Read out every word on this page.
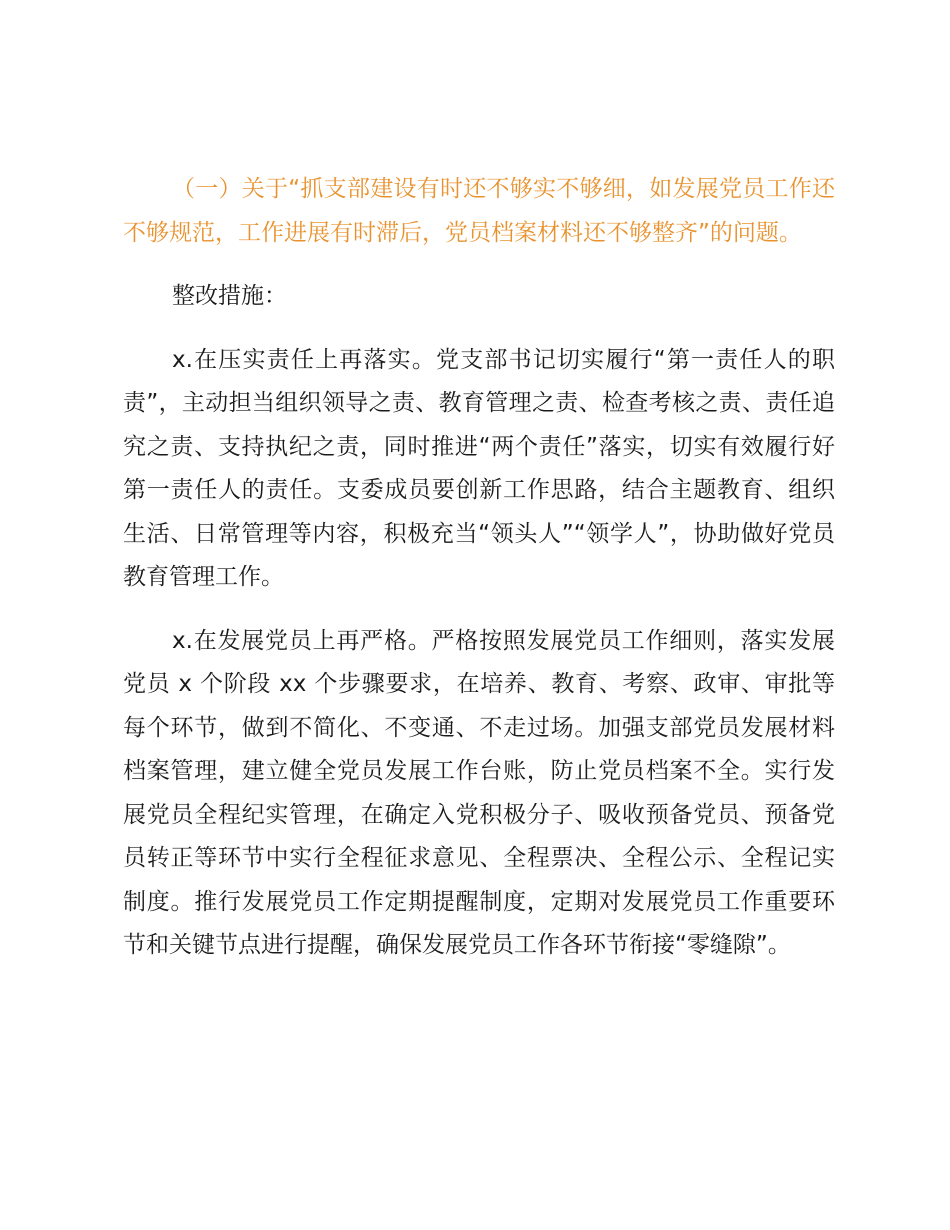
（一）关于“抓支部建设有时还不够实不够细，如发展党员工作还不够规范，工作进展有时滞后，党员档案材料还不够整齐”的问题。

整改措施：

x.在压实责任上再落实。党支部书记切实履行“第一责任人的职责”，主动担当组织领导之责、教育管理之责、检查考核之责、责任追究之责、支持执纪之责，同时推进“两个责任”落实，切实有效履行好第一责任人的责任。支委成员要创新工作思路，结合主题教育、组织生活、日常管理等内容，积极充当“领头人”“领学人”，协助做好党员教育管理工作。

x.在发展党员上再严格。严格按照发展党员工作细则，落实发展党员 x 个阶段 xx 个步骤要求，在培养、教育、考察、政审、审批等每个环节，做到不简化、不变通、不走过场。加强支部党员发展材料档案管理，建立健全党员发展工作台账，防止党员档案不全。实行发展党员全程纪实管理，在确定入党积极分子、吸收预备党员、预备党员转正等环节中实行全程征求意见、全程票决、全程公示、全程记实制度。推行发展党员工作定期提醒制度，定期对发展党员工作重要环节和关键节点进行提醒，确保发展党员工作各环节衔接“零缝隙”。
